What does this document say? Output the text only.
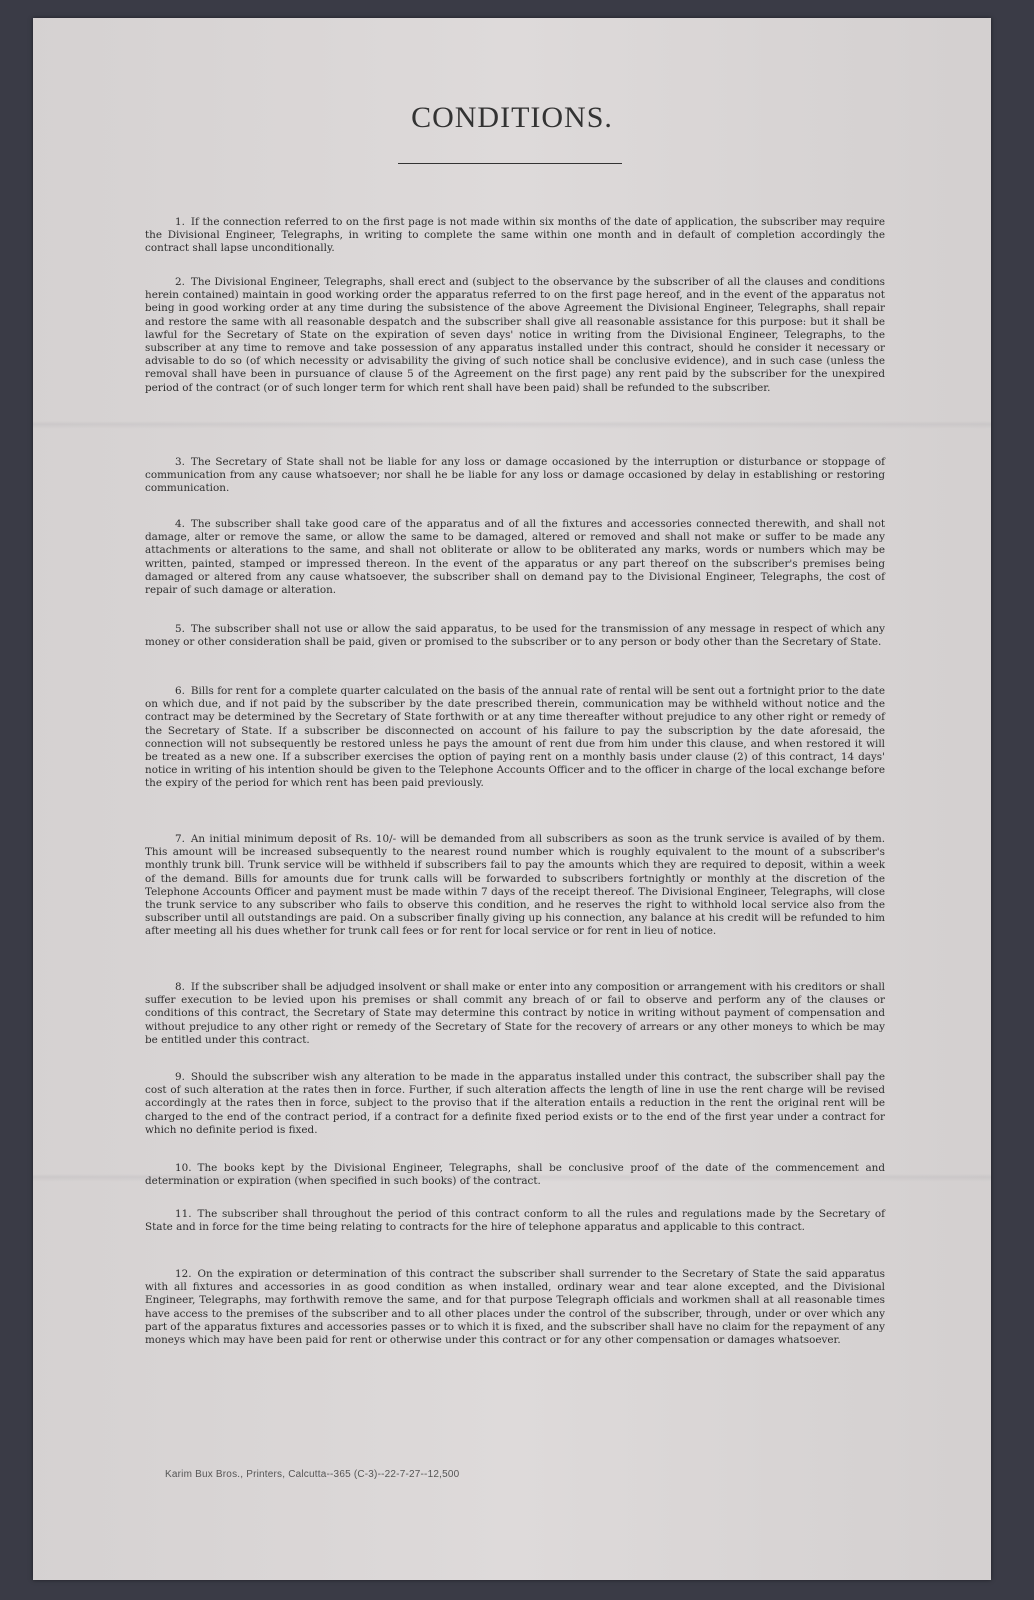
CONDITIONS.
1. If the connection referred to on the first page is not made within six months of the date of application, the subscriber may require the Divisional Engineer, Telegraphs, in writing to complete the same within one month and in default of completion accordingly the contract shall lapse unconditionally.
2. The Divisional Engineer, Telegraphs, shall erect and (subject to the observance by the subscriber of all the clauses and conditions herein contained) maintain in good working order the apparatus referred to on the first page hereof, and in the event of the apparatus not being in good working order at any time during the subsistence of the above Agreement the Divisional Engineer, Telegraphs, shall repair and restore the same with all reasonable despatch and the subscriber shall give all reasonable assistance for this purpose: but it shall be lawful for the Secretary of State on the expiration of seven days' notice in writing from the Divisional Engineer, Telegraphs, to the subscriber at any time to remove and take possession of any apparatus installed under this contract, should he consider it necessary or advisable to do so (of which necessity or advisability the giving of such notice shall be conclusive evidence), and in such case (unless the removal shall have been in pursuance of clause 5 of the Agreement on the first page) any rent paid by the subscriber for the unexpired period of the contract (or of such longer term for which rent shall have been paid) shall be refunded to the subscriber.
3. The Secretary of State shall not be liable for any loss or damage occasioned by the interruption or disturbance or stoppage of communication from any cause whatsoever; nor shall he be liable for any loss or damage occasioned by delay in establishing or restoring communication.
4. The subscriber shall take good care of the apparatus and of all the fixtures and accessories connected therewith, and shall not damage, alter or remove the same, or allow the same to be damaged, altered or removed and shall not make or suffer to be made any attachments or alterations to the same, and shall not obliterate or allow to be obliterated any marks, words or numbers which may be written, painted, stamped or impressed thereon. In the event of the apparatus or any part thereof on the subscriber's premises being damaged or altered from any cause whatsoever, the subscriber shall on demand pay to the Divisional Engineer, Telegraphs, the cost of repair of such damage or alteration.
5. The subscriber shall not use or allow the said apparatus, to be used for the transmission of any message in respect of which any money or other consideration shall be paid, given or promised to the subscriber or to any person or body other than the Secretary of State.
6. Bills for rent for a complete quarter calculated on the basis of the annual rate of rental will be sent out a fortnight prior to the date on which due, and if not paid by the subscriber by the date prescribed therein, communication may be withheld without notice and the contract may be determined by the Secretary of State forthwith or at any time thereafter without prejudice to any other right or remedy of the Secretary of State. If a subscriber be disconnected on account of his failure to pay the subscription by the date aforesaid, the connection will not subsequently be restored unless he pays the amount of rent due from him under this clause, and when restored it will be treated as a new one. If a subscriber exercises the option of paying rent on a monthly basis under clause (2) of this contract, 14 days' notice in writing of his intention should be given to the Telephone Accounts Officer and to the officer in charge of the local exchange before the expiry of the period for which rent has been paid previously.
7. An initial minimum deposit of Rs. 10/- will be demanded from all subscribers as soon as the trunk service is availed of by them. This amount will be increased subsequently to the nearest round number which is roughly equivalent to the mount of a subscriber's monthly trunk bill. Trunk service will be withheld if subscribers fail to pay the amounts which they are required to deposit, within a week of the demand. Bills for amounts due for trunk calls will be forwarded to subscribers fortnightly or monthly at the discretion of the Telephone Accounts Officer and payment must be made within 7 days of the receipt thereof. The Divisional Engineer, Telegraphs, will close the trunk service to any subscriber who fails to observe this condition, and he reserves the right to withhold local service also from the subscriber until all outstandings are paid. On a subscriber finally giving up his connection, any balance at his credit will be refunded to him after meeting all his dues whether for trunk call fees or for rent for local service or for rent in lieu of notice.
8. If the subscriber shall be adjudged insolvent or shall make or enter into any composition or arrangement with his creditors or shall suffer execution to be levied upon his premises or shall commit any breach of or fail to observe and perform any of the clauses or conditions of this contract, the Secretary of State may determine this contract by notice in writing without payment of compensation and without prejudice to any other right or remedy of the Secretary of State for the recovery of arrears or any other moneys to which be may be entitled under this contract.
9. Should the subscriber wish any alteration to be made in the apparatus installed under this contract, the subscriber shall pay the cost of such alteration at the rates then in force. Further, if such alteration affects the length of line in use the rent charge will be revised accordingly at the rates then in force, subject to the proviso that if the alteration entails a reduction in the rent the original rent will be charged to the end of the contract period, if a contract for a definite fixed period exists or to the end of the first year under a contract for which no definite period is fixed.
10. The books kept by the Divisional Engineer, Telegraphs, shall be conclusive proof of the date of the commencement and determination or expiration (when specified in such books) of the contract.
11. The subscriber shall throughout the period of this contract conform to all the rules and regulations made by the Secretary of State and in force for the time being relating to contracts for the hire of telephone apparatus and applicable to this contract.
12. On the expiration or determination of this contract the subscriber shall surrender to the Secretary of State the said apparatus with all fixtures and accessories in as good condition as when installed, ordinary wear and tear alone excepted, and the Divisional Engineer, Telegraphs, may forthwith remove the same, and for that purpose Telegraph officials and workmen shall at all reasonable times have access to the premises of the subscriber and to all other places under the control of the subscriber, through, under or over which any part of the apparatus fixtures and accessories passes or to which it is fixed, and the subscriber shall have no claim for the repayment of any moneys which may have been paid for rent or otherwise under this contract or for any other compensation or damages whatsoever.
Karim Bux Bros., Printers, Calcutta--365 (C-3)--22-7-27--12,500
